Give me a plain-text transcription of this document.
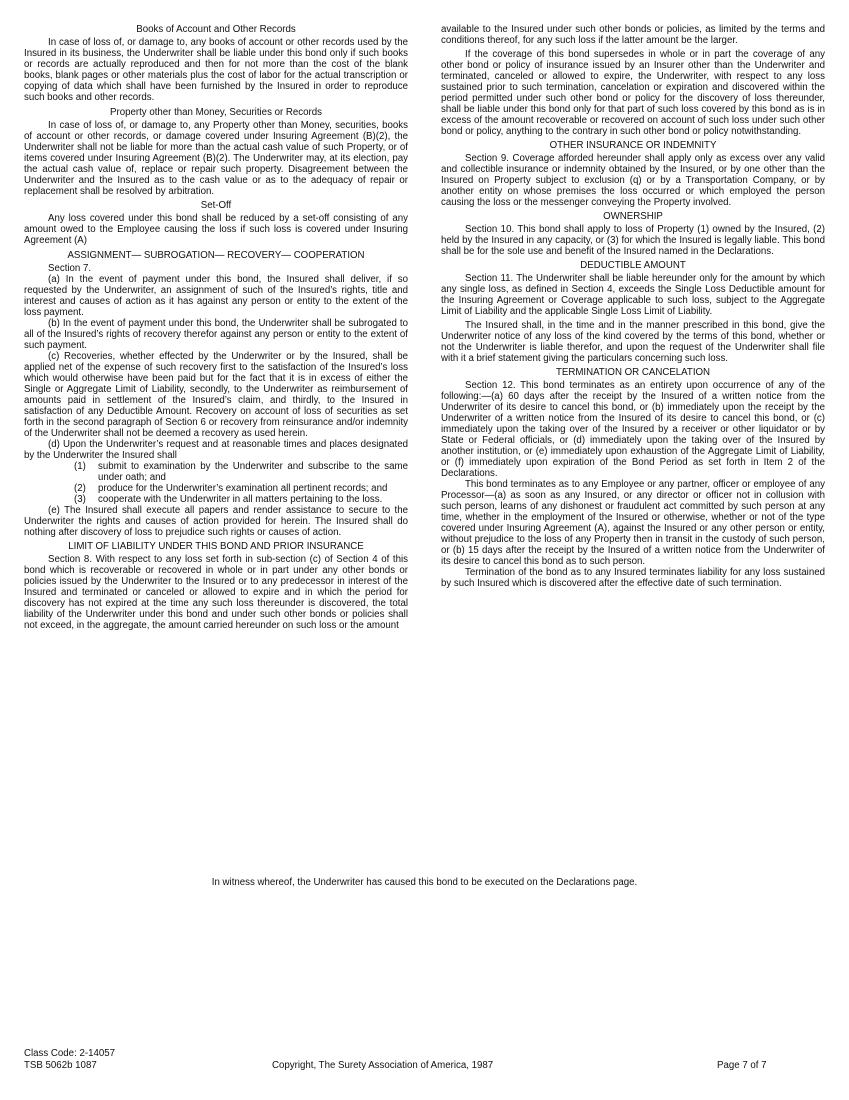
Books of Account and Other Records

In case of loss of, or damage to, any books of account or other records used by the Insured in its business, the Underwriter shall be liable under this bond only if such books or records are actually reproduced and then for not more than the cost of the blank books, blank pages or other materials plus the cost of labor for the actual transcription or copying of data which shall have been furnished by the Insured in order to reproduce such books and other records.

Property other than Money, Securities or Records

In case of loss of, or damage to, any Property other than Money, securities, books of account or other records, or damage covered under Insuring Agreement (B)(2), the Underwriter shall not be liable for more than the actual cash value of such Property, or of items covered under Insuring Agreement (B)(2). The Underwriter may, at its election, pay the actual cash value of, replace or repair such property. Disagreement between the Underwriter and the Insured as to the cash value or as to the adequacy of repair or replacement shall be resolved by arbitration.

Set-Off

Any loss covered under this bond shall be reduced by a set-off consisting of any amount owed to the Employee causing the loss if such loss is covered under Insuring Agreement (A)

ASSIGNMENT— SUBROGATION— RECOVERY— COOPERATION

Section 7.

(a) In the event of payment under this bond, the Insured shall deliver, if so requested by the Underwriter, an assignment of such of the Insured’s rights, title and interest and causes of action as it has against any person or entity to the extent of the loss payment.

(b) In the event of payment under this bond, the Underwriter shall be subrogated to all of the Insured’s rights of recovery therefor against any person or entity to the extent of such payment.

(c) Recoveries, whether effected by the Underwriter or by the Insured, shall be applied net of the expense of such recovery first to the satisfaction of the Insured’s loss which would otherwise have been paid but for the fact that it is in excess of either the Single or Aggregate Limit of Liability, secondly, to the Underwriter as reimbursement of amounts paid in settlement of the Insured’s claim, and thirdly, to the Insured in satisfaction of any Deductible Amount. Recovery on account of loss of securities as set forth in the second paragraph of Section 6 or recovery from reinsurance and/or indemnity of the Underwriter shall not be deemed a recovery as used herein.

(d) Upon the Underwriter’s request and at reasonable times and places designated by the Underwriter the Insured shall

(1)	submit to examination by the Underwriter and subscribe to the same under oath; and
(2)	produce for the Underwriter’s examination all pertinent records; and
(3)	cooperate with the Underwriter in all matters pertaining to the loss.

(e) The Insured shall execute all papers and render assistance to secure to the Underwriter the rights and causes of action provided for herein. The Insured shall do nothing after discovery of loss to prejudice such rights or causes of action.

LIMIT OF LIABILITY UNDER THIS BOND AND PRIOR INSURANCE

Section 8. With respect to any loss set forth in sub-section (c) of Section 4 of this bond which is recoverable or recovered in whole or in part under any other bonds or policies issued by the Underwriter to the Insured or to any predecessor in interest of the Insured and terminated or canceled or allowed to expire and in which the period for discovery has not expired at the time any such loss thereunder is discovered, the total liability of the Underwriter under this bond and under such other bonds or policies shall not exceed, in the aggregate, the amount carried hereunder on such loss or the amount

available to the Insured under such other bonds or policies, as limited by the terms and conditions thereof, for any such loss if the latter amount be the larger.

If the coverage of this bond supersedes in whole or in part the coverage of any other bond or policy of insurance issued by an Insurer other than the Underwriter and terminated, canceled or allowed to expire, the Underwriter, with respect to any loss sustained prior to such termination, cancelation or expiration and discovered within the period permitted under such other bond or policy for the discovery of loss thereunder, shall be liable under this bond only for that part of such loss covered by this bond as is in excess of the amount recoverable or recovered on account of such loss under such other bond or policy, anything to the contrary in such other bond or policy notwithstanding.

OTHER INSURANCE OR INDEMNITY

Section 9. Coverage afforded hereunder shall apply only as excess over any valid and collectible insurance or indemnity obtained by the Insured, or by one other than the Insured on Property subject to exclusion (q) or by a Transportation Company, or by another entity on whose premises the loss occurred or which employed the person causing the loss or the messenger conveying the Property involved.

OWNERSHIP

Section 10. This bond shall apply to loss of Property (1) owned by the Insured, (2) held by the Insured in any capacity, or (3) for which the Insured is legally liable. This bond shall be for the sole use and benefit of the Insured named in the Declarations.

DEDUCTIBLE AMOUNT

Section 11. The Underwriter shall be liable hereunder only for the amount by which any single loss, as defined in Section 4, exceeds the Single Loss Deductible amount for the Insuring Agreement or Coverage applicable to such loss, subject to the Aggregate Limit of Liability and the applicable Single Loss Limit of Liability.

The Insured shall, in the time and in the manner prescribed in this bond, give the Underwriter notice of any loss of the kind covered by the terms of this bond, whether or not the Underwriter is liable therefor, and upon the request of the Underwriter shall file with it a brief statement giving the particulars concerning such loss.

TERMINATION OR CANCELATION

Section 12. This bond terminates as an entirety upon occurrence of any of the following:—(a) 60 days after the receipt by the Insured of a written notice from the Underwriter of its desire to cancel this bond, or (b) immediately upon the receipt by the Underwriter of a written notice from the Insured of its desire to cancel this bond, or (c) immediately upon the taking over of the Insured by a receiver or other liquidator or by State or Federal officials, or (d) immediately upon the taking over of the Insured by another institution, or (e) immediately upon exhaustion of the Aggregate Limit of Liability, or (f) immediately upon expiration of the Bond Period as set forth in Item 2 of the Declarations.

This bond terminates as to any Employee or any partner, officer or employee of any Processor—(a) as soon as any Insured, or any director or officer not in collusion with such person, learns of any dishonest or fraudulent act committed by such person at any time, whether in the employment of the Insured or otherwise, whether or not of the type covered under Insuring Agreement (A), against the Insured or any other person or entity, without prejudice to the loss of any Property then in transit in the custody of such person, or (b) 15 days after the receipt by the Insured of a written notice from the Underwriter of its desire to cancel this bond as to such person.

Termination of the bond as to any Insured terminates liability for any loss sustained by such Insured which is discovered after the effective date of such termination.

In witness whereof, the Underwriter has caused this bond to be executed on the Declarations page.
Class Code: 2-14057
TSB 5062b 1087	Copyright, The Surety Association of America, 1987	Page 7 of 7
